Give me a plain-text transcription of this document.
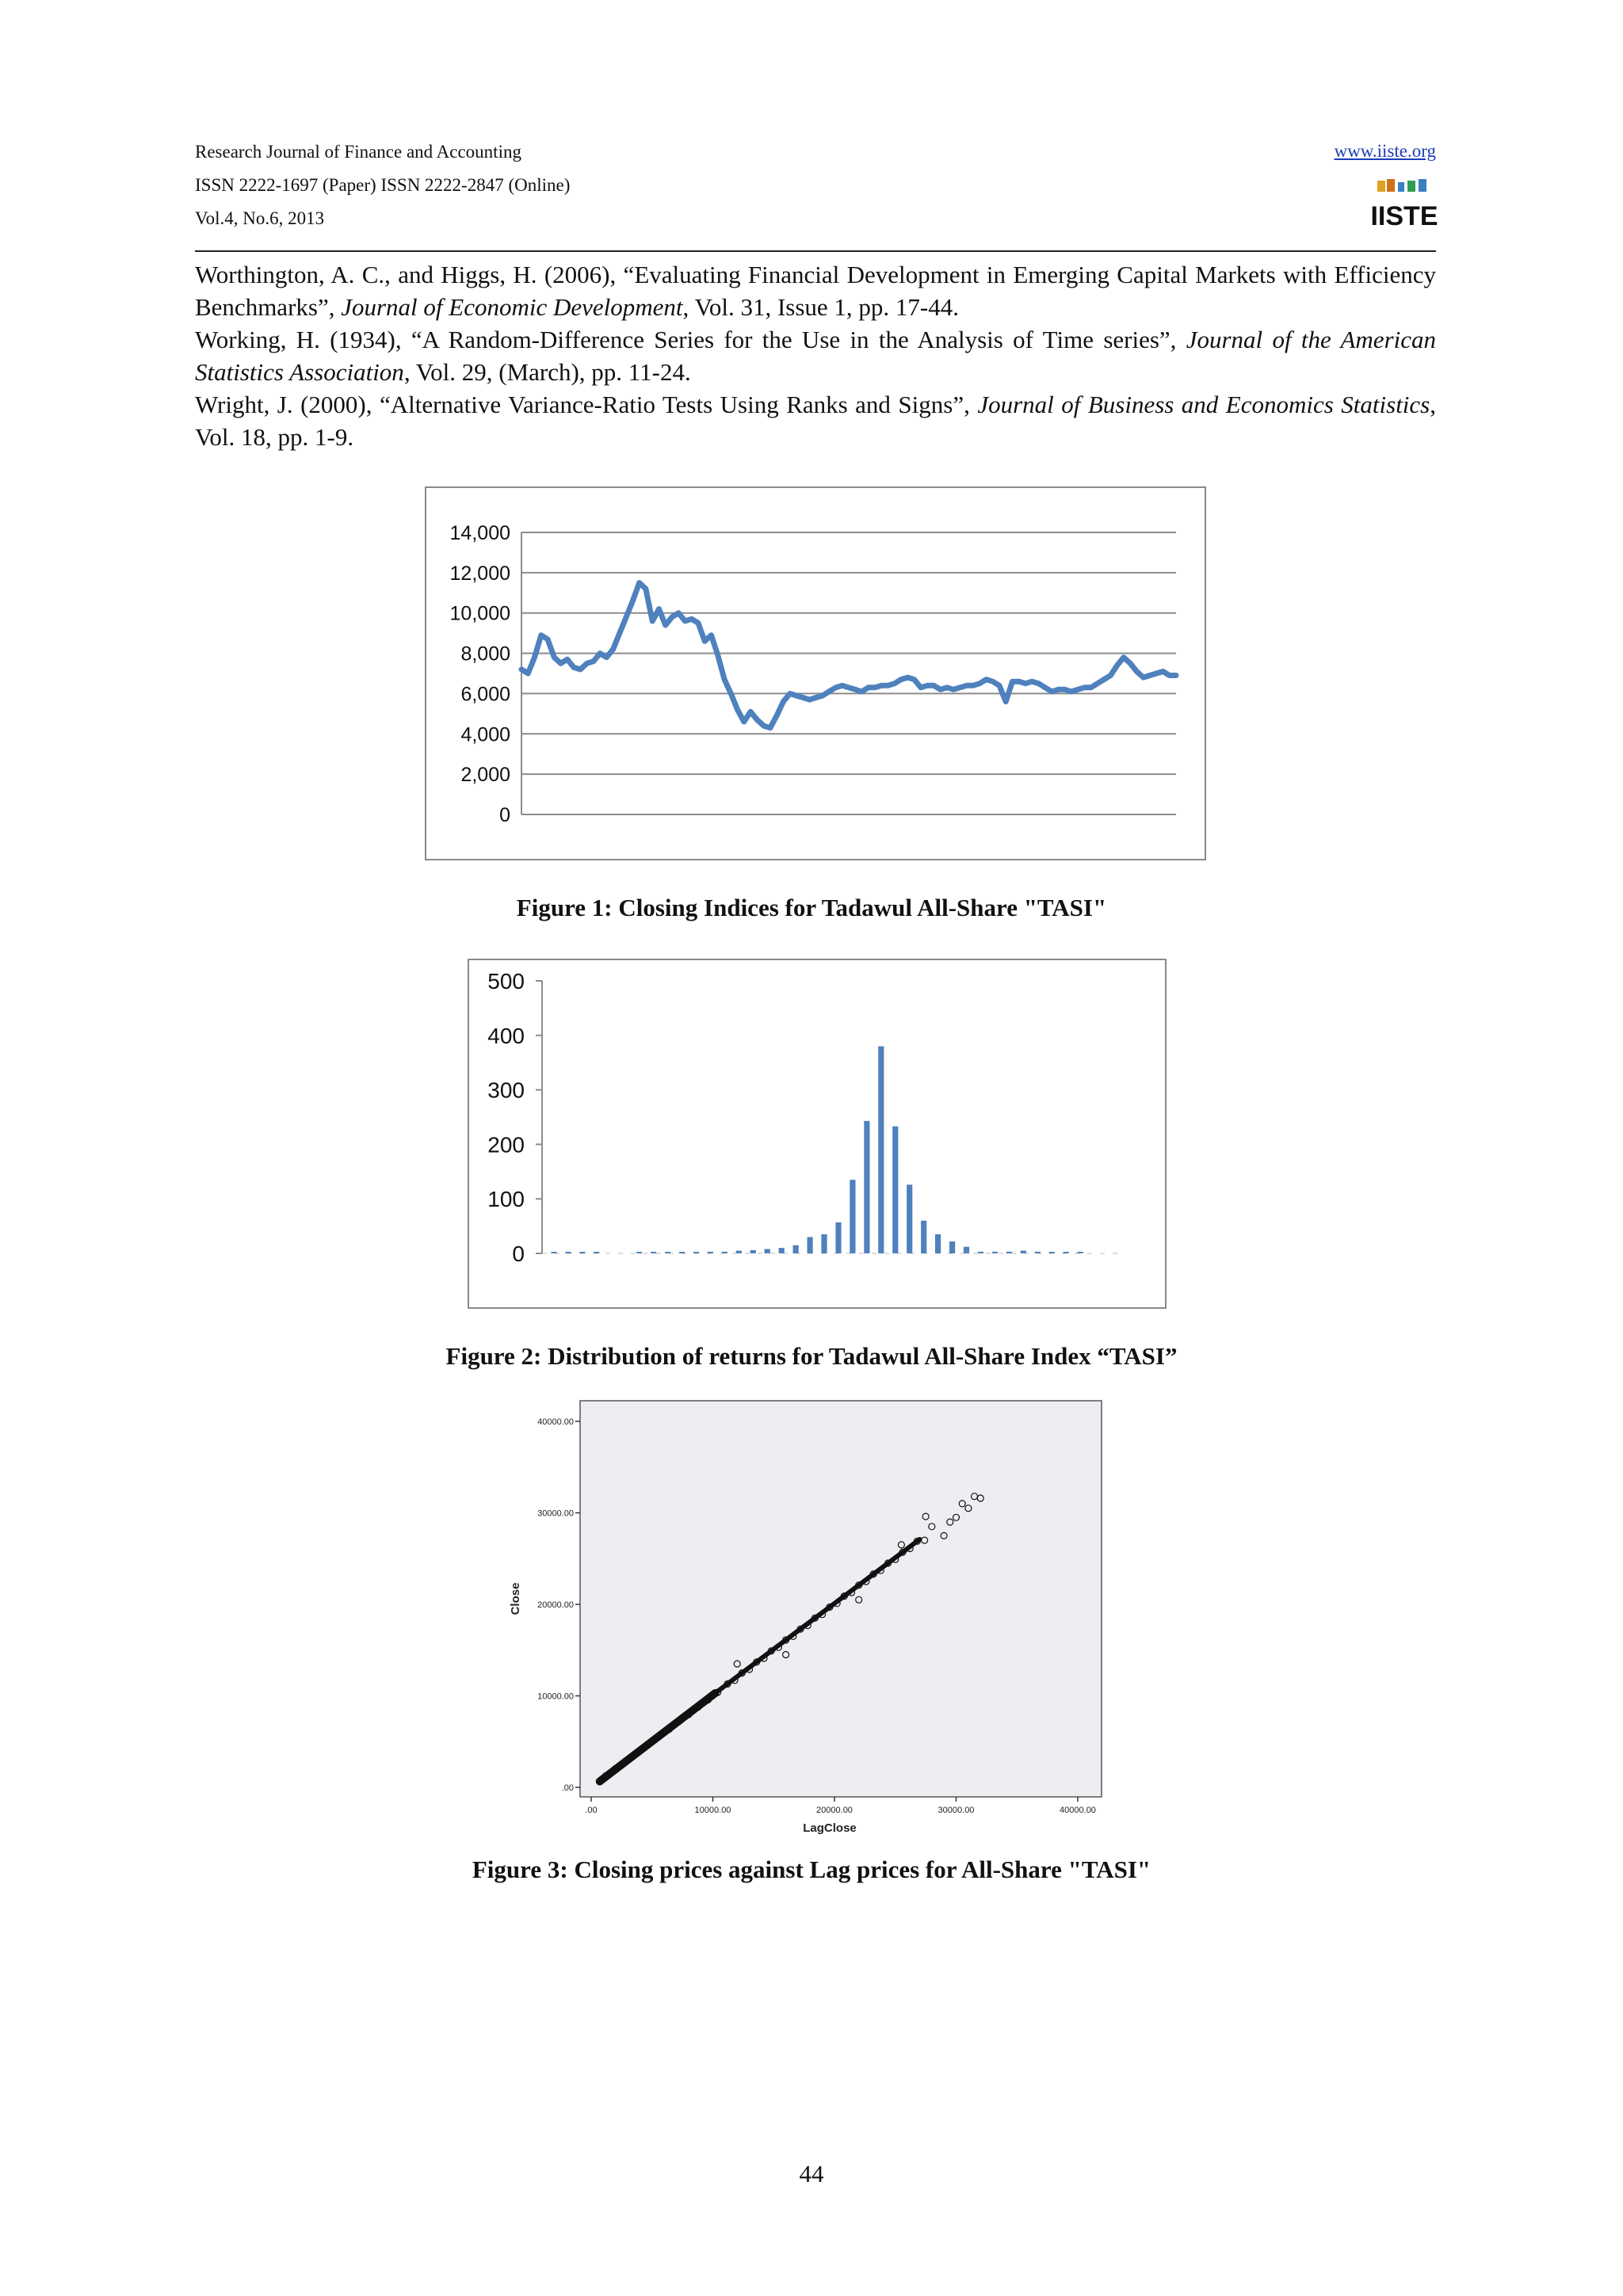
Research Journal of Finance and Accounting
ISSN 2222-1697 (Paper) ISSN 2222-2847 (Online)
Vol.4, No.6, 2013
www.iiste.org
IISTE

Worthington, A. C., and Higgs, H. (2006), “Evaluating Financial Development in Emerging Capital Markets with Efficiency Benchmarks”, Journal of Economic Development, Vol. 31, Issue 1, pp. 17-44.

Working, H. (1934), “A Random-Difference Series for the Use in the Analysis of Time series”, Journal of the American Statistics Association, Vol. 29, (March), pp. 11-24.

Wright, J. (2000), “Alternative Variance-Ratio Tests Using Ranks and Signs”, Journal of Business and Economics Statistics, Vol. 18, pp. 1-9.

0
2,000
4,000
6,000
8,000
10,000
12,000
14,000
Figure 1: Closing Indices for Tadawul All-Share "TASI"
0
100
200
300
400
500
Figure 2: Distribution of returns for Tadawul All-Share Index “TASI”
.00
10000.00
20000.00
30000.00
40000.00
.00	10000.00	20000.00	30000.00	40000.00
LagClose
Close
Figure 3: Closing prices against Lag prices for All-Share "TASI"
44
